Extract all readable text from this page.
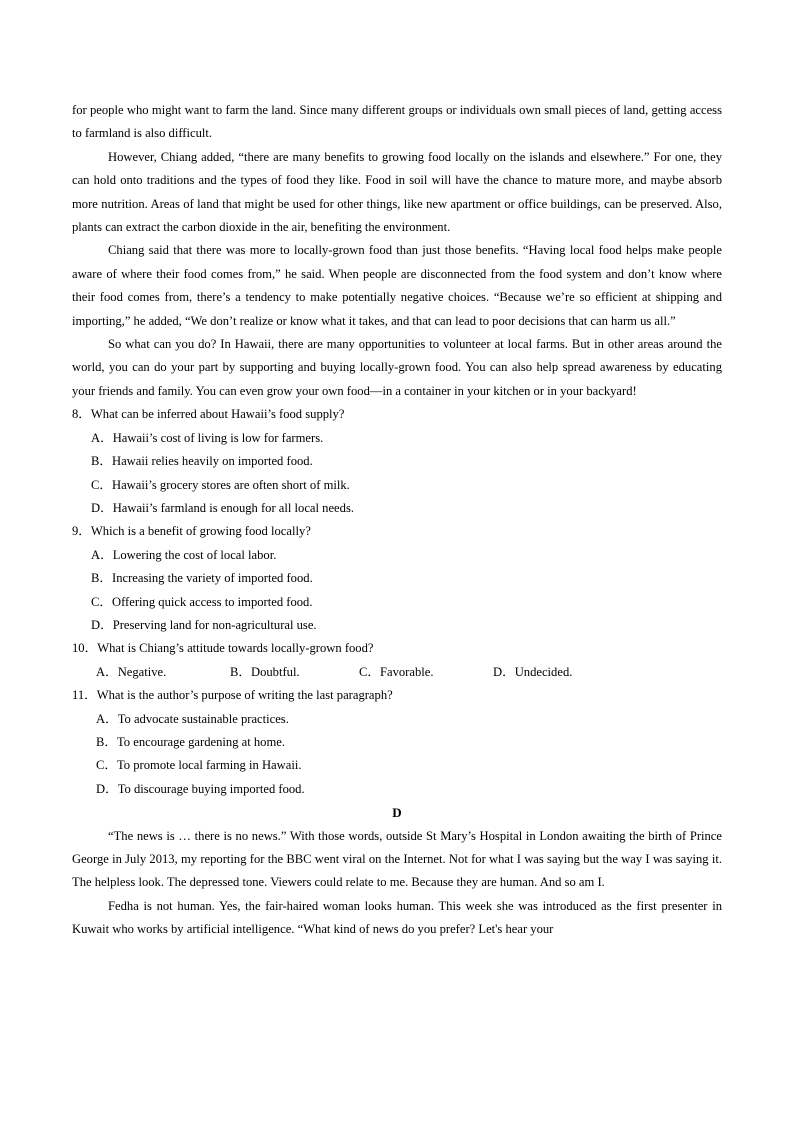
for people who might want to farm the land. Since many different groups or individuals own small pieces of land, getting access to farmland is also difficult.

However, Chiang added, “there are many benefits to growing food locally on the islands and elsewhere.” For one, they can hold onto traditions and the types of food they like. Food in soil will have the chance to mature more, and maybe absorb more nutrition. Areas of land that might be used for other things, like new apartment or office buildings, can be preserved. Also, plants can extract the carbon dioxide in the air, benefiting the environment.

Chiang said that there was more to locally-grown food than just those benefits. “Having local food helps make people aware of where their food comes from,” he said. When people are disconnected from the food system and don’t know where their food comes from, there’s a tendency to make potentially negative choices. “Because we’re so efficient at shipping and importing,” he added, “We don’t realize or know what it takes, and that can lead to poor decisions that can harm us all.”

So what can you do? In Hawaii, there are many opportunities to volunteer at local farms. But in other areas around the world, you can do your part by supporting and buying locally-grown food. You can also help spread awareness by educating your friends and family. You can even grow your own food—in a container in your kitchen or in your backyard!

8．What can be inferred about Hawaii’s food supply?

A．Hawaii’s cost of living is low for farmers.

B．Hawaii relies heavily on imported food.

C．Hawaii’s grocery stores are often short of milk.

D．Hawaii’s farmland is enough for all local needs.

9．Which is a benefit of growing food locally?

A．Lowering the cost of local labor.

B．Increasing the variety of imported food.

C．Offering quick access to imported food.

D．Preserving land for non-agricultural use.

10．What is Chiang’s attitude towards locally-grown food?

A．Negative.	B．Doubtful.	C．Favorable.	D．Undecided.

11．What is the author’s purpose of writing the last paragraph?

A．To advocate sustainable practices.

B．To encourage gardening at home.

C．To promote local farming in Hawaii.

D．To discourage buying imported food.

D

“The news is … there is no news.” With those words, outside St Mary’s Hospital in London awaiting the birth of Prince George in July 2013, my reporting for the BBC went viral on the Internet. Not for what I was saying but the way I was saying it. The helpless look. The depressed tone. Viewers could relate to me. Because they are human. And so am I.

Fedha is not human. Yes, the fair-haired woman looks human. This week she was introduced as the first presenter in Kuwait who works by artificial intelligence. “What kind of news do you prefer? Let's hear your
